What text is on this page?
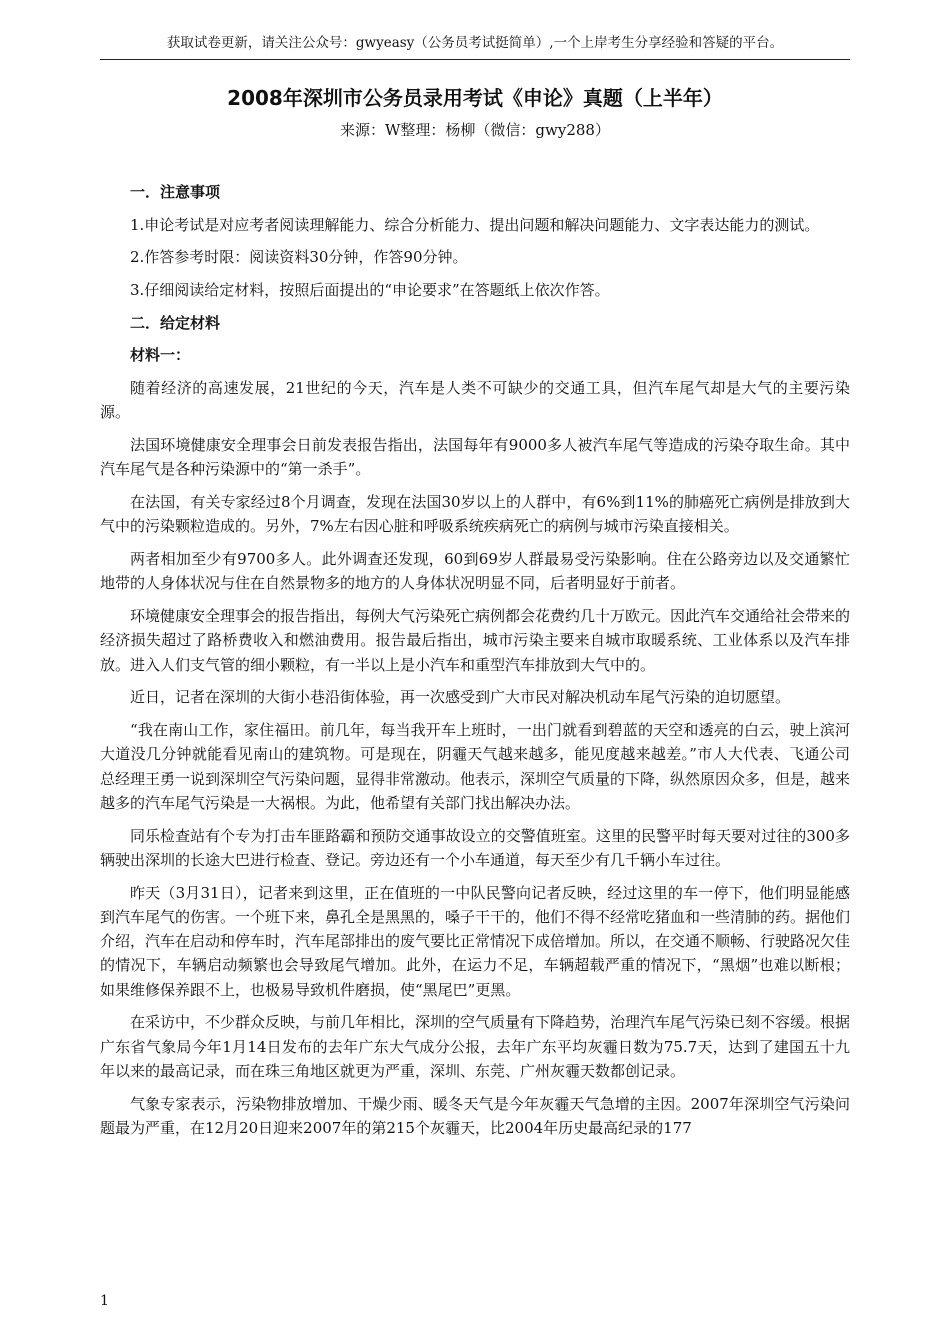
获取试卷更新，请关注公众号：gwyeasy（公务员考试挺简单）,一个上岸考生分享经验和答疑的平台。
2008年深圳市公务员录用考试《申论》真题（上半年）
来源：W整理：杨柳（微信：gwy288）
一．注意事项

1.申论考试是对应考者阅读理解能力、综合分析能力、提出问题和解决问题能力、文字表达能力的测试。

2.作答参考时限：阅读资料30分钟，作答90分钟。

3.仔细阅读给定材料，按照后面提出的“申论要求”在答题纸上依次作答。

二．给定材料
材料一：

随着经济的高速发展，21世纪的今天，汽车是人类不可缺少的交通工具，但汽车尾气却是大气的主要污染源。

法国环境健康安全理事会日前发表报告指出，法国每年有9000多人被汽车尾气等造成的污染夺取生命。其中汽车尾气是各种污染源中的“第一杀手”。

在法国，有关专家经过8个月调查，发现在法国30岁以上的人群中，有6%到11%的肺癌死亡病例是排放到大气中的污染颗粒造成的。另外，7%左右因心脏和呼吸系统疾病死亡的病例与城市污染直接相关。

两者相加至少有9700多人。此外调查还发现，60到69岁人群最易受污染影响。住在公路旁边以及交通繁忙地带的人身体状况与住在自然景物多的地方的人身体状况明显不同，后者明显好于前者。

环境健康安全理事会的报告指出，每例大气污染死亡病例都会花费约几十万欧元。因此汽车交通给社会带来的经济损失超过了路桥费收入和燃油费用。报告最后指出，城市污染主要来自城市取暖系统、工业体系以及汽车排放。进入人们支气管的细小颗粒，有一半以上是小汽车和重型汽车排放到大气中的。

近日，记者在深圳的大街小巷沿街体验，再一次感受到广大市民对解决机动车尾气污染的迫切愿望。

“我在南山工作，家住福田。前几年，每当我开车上班时，一出门就看到碧蓝的天空和透亮的白云，驶上滨河大道没几分钟就能看见南山的建筑物。可是现在，阴霾天气越来越多，能见度越来越差。”市人大代表、飞通公司总经理王勇一说到深圳空气污染问题，显得非常激动。他表示，深圳空气质量的下降，纵然原因众多，但是，越来越多的汽车尾气污染是一大祸根。为此，他希望有关部门找出解决办法。

同乐检查站有个专为打击车匪路霸和预防交通事故设立的交警值班室。这里的民警平时每天要对过往的300多辆驶出深圳的长途大巴进行检查、登记。旁边还有一个小车通道，每天至少有几千辆小车过往。

昨天（3月31日），记者来到这里，正在值班的一中队民警向记者反映，经过这里的车一停下，他们明显能感到汽车尾气的伤害。一个班下来，鼻孔全是黑黑的，嗓子干干的，他们不得不经常吃猪血和一些清肺的药。据他们介绍，汽车在启动和停车时，汽车尾部排出的废气要比正常情况下成倍增加。所以，在交通不顺畅、行驶路况欠佳的情况下，车辆启动频繁也会导致尾气增加。此外，在运力不足，车辆超载严重的情况下，“黑烟”也难以断根；如果维修保养跟不上，也极易导致机件磨损，使“黑尾巴”更黑。

在采访中，不少群众反映，与前几年相比，深圳的空气质量有下降趋势，治理汽车尾气污染已刻不容缓。根据广东省气象局今年1月14日发布的去年广东大气成分公报，去年广东平均灰霾日数为75.7天，达到了建国五十九年以来的最高记录，而在珠三角地区就更为严重，深圳、东莞、广州灰霾天数都创记录。

气象专家表示，污染物排放增加、干燥少雨、暖冬天气是今年灰霾天气急增的主因。2007年深圳空气污染问题最为严重，在12月20日迎来2007年的第215个灰霾天，比2004年历史最高纪录的177

1
